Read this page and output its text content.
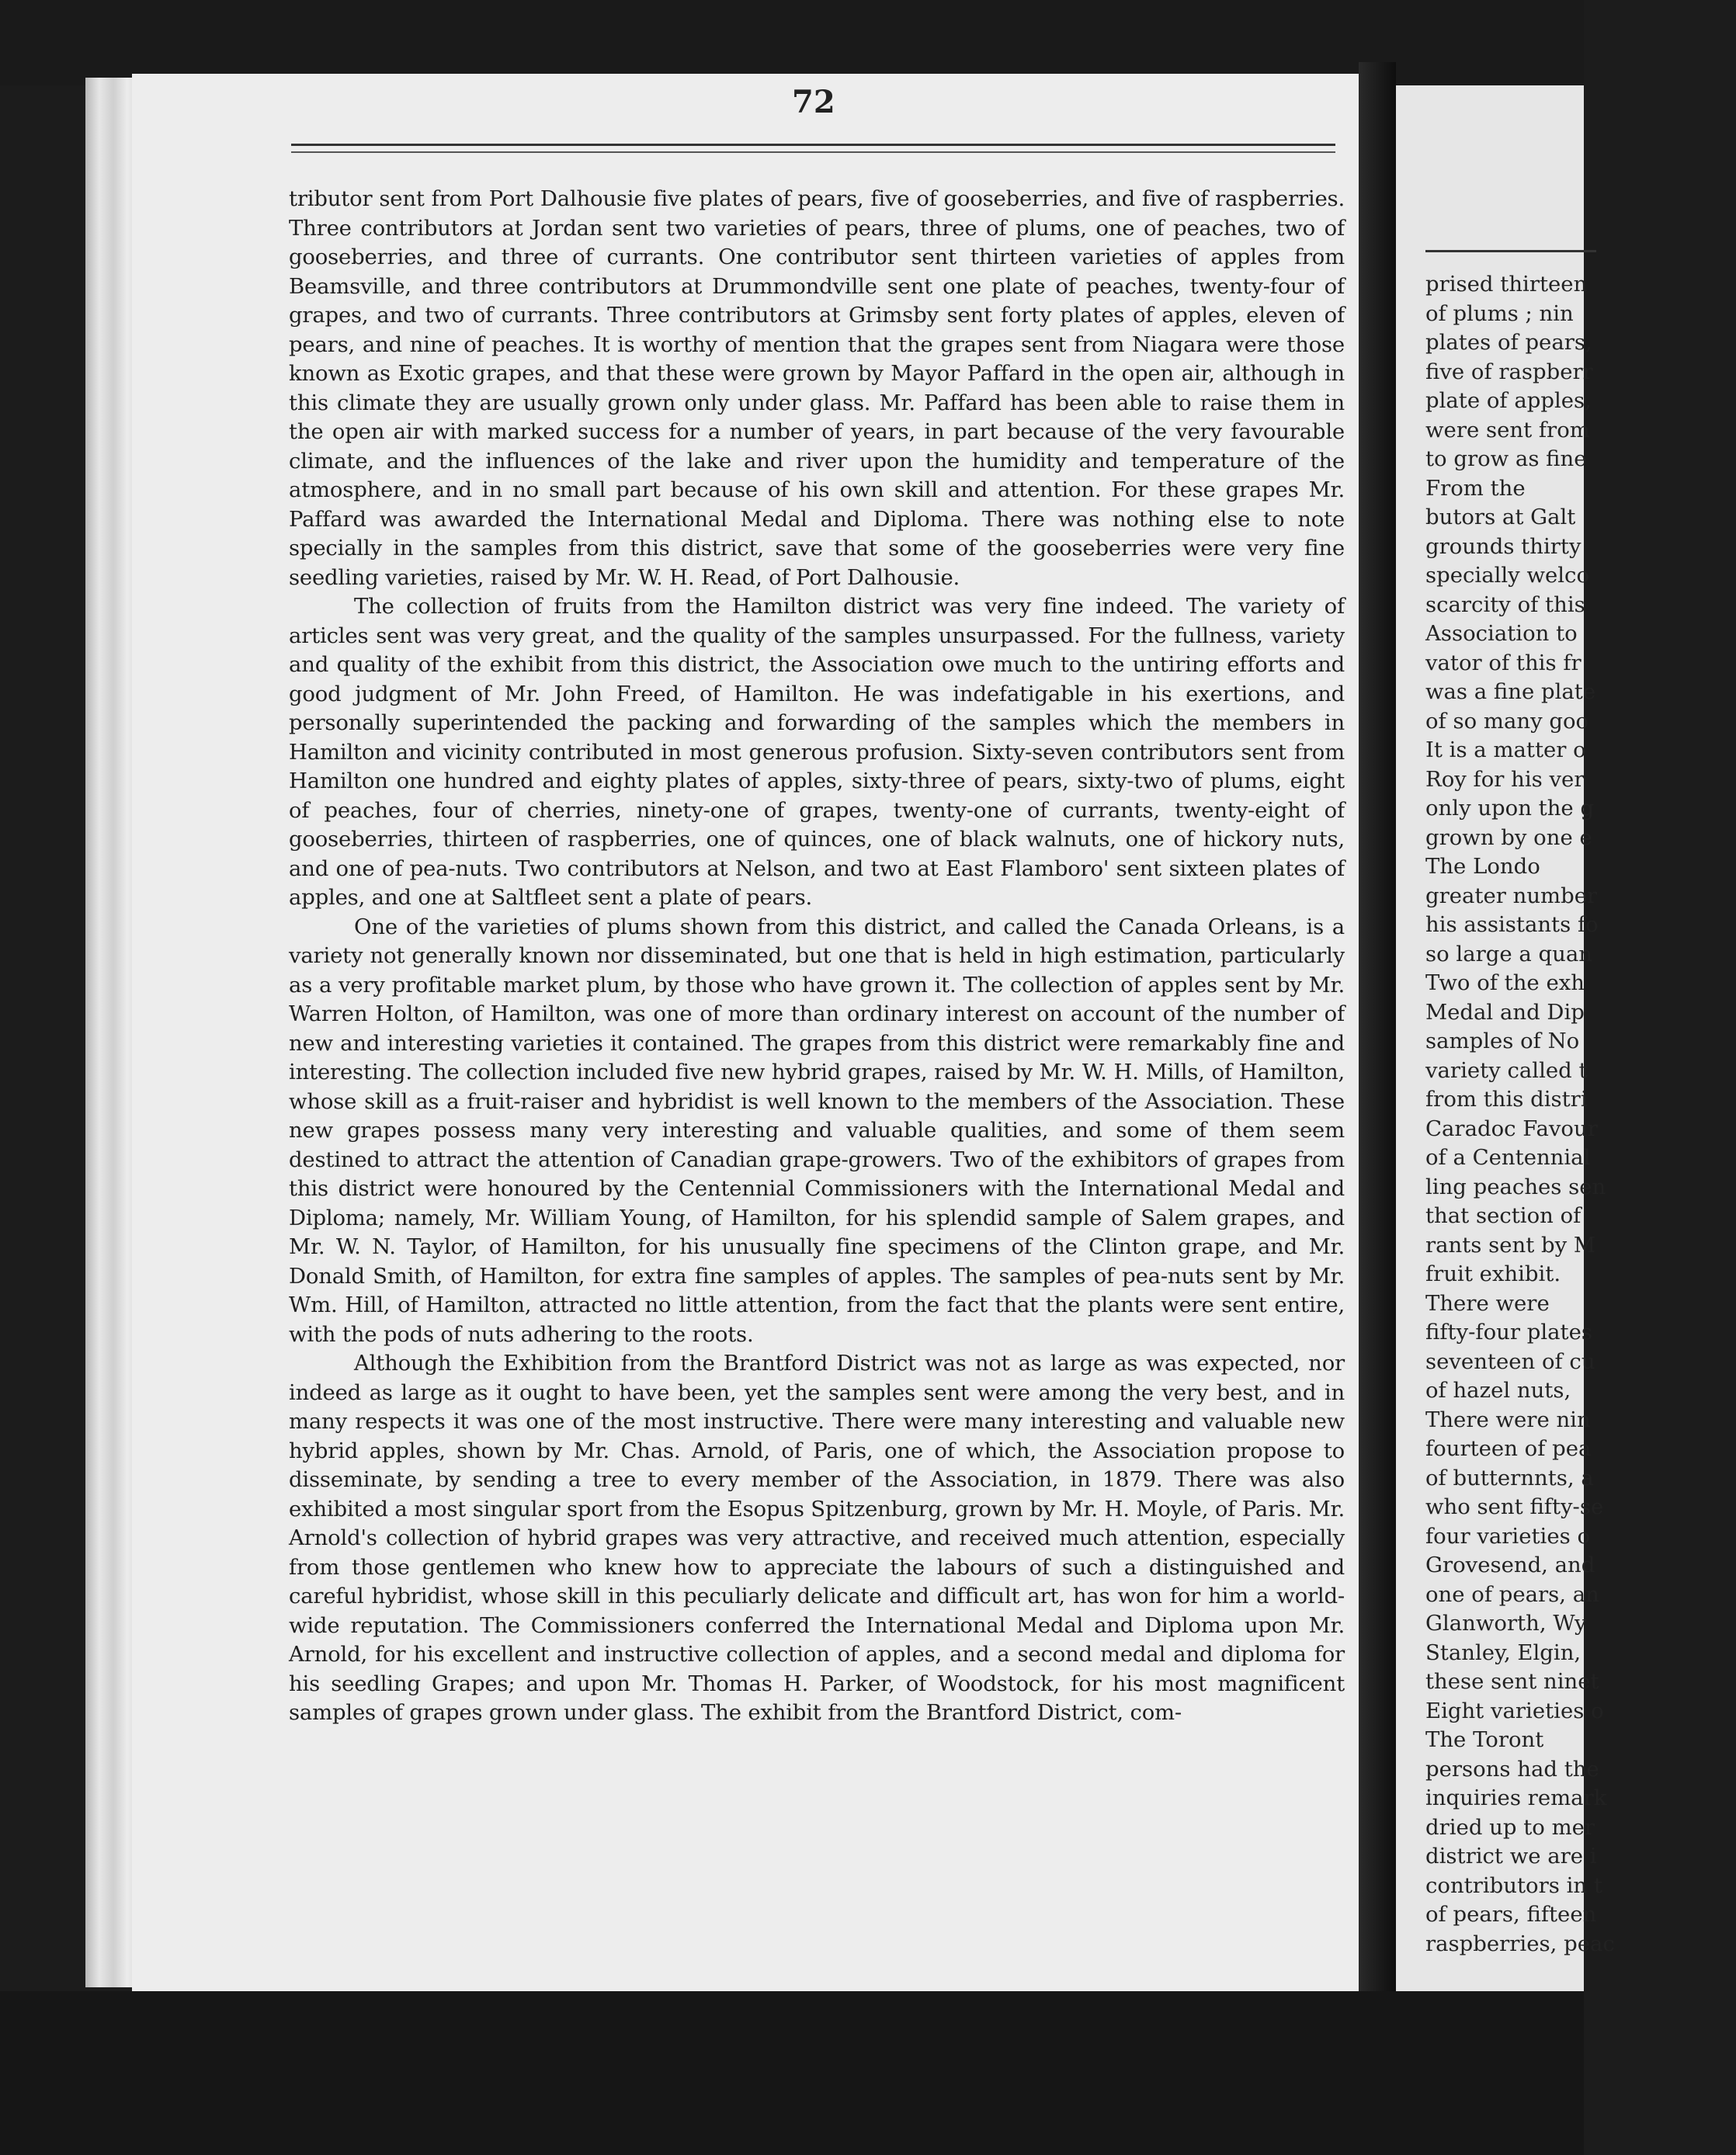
prised thirteen
of plums ; nin
plates of pears,
five of raspberr
plate of apples,
were sent from
to grow as fine
From the
butors at Galt
grounds thirty
specially welco
scarcity of this
Association to
vator of this fr
was a fine plate
of so many goo
It is a matter o
Roy for his ver
only upon the g
grown by one e
The Londo
greater number
his assistants fo
so large a quan
Two of the exh
Medal and Dip
samples of No
variety called t
from this distri
Caradoc Favour
of a Centennial
ling peaches sen
that section of
rants sent by M
fruit exhibit.
There were
fifty-four plates
seventeen of cu
of hazel nuts,
There were nin
fourteen of pea
of butternnts, a
who sent fifty-se
four varieties o
Grovesend, and
one of pears, an
Glanworth, Wy
Stanley, Elgin,
these sent ninet
Eight varieties o
The Toront
persons had the
inquiries remark
dried up to mer
district we are i
contributors in t
of pears, fifteen
raspberries, peac
72

tributor sent from Port Dalhousie five plates of pears, five of gooseberries, and five of raspberries. Three contributors at Jordan sent two varieties of pears, three of plums, one of peaches, two of gooseberries, and three of currants. One contributor sent thirteen varieties of apples from Beamsville, and three contributors at Drummondville sent one plate of peaches, twenty-four of grapes, and two of currants. Three contributors at Grimsby sent forty plates of apples, eleven of pears, and nine of peaches. It is worthy of mention that the grapes sent from Niagara were those known as Exotic grapes, and that these were grown by Mayor Paffard in the open air, although in this climate they are usually grown only under glass. Mr. Paffard has been able to raise them in the open air with marked success for a number of years, in part because of the very favourable climate, and the influences of the lake and river upon the humidity and temperature of the atmosphere, and in no small part because of his own skill and attention. For these grapes Mr. Paffard was awarded the International Medal and Diploma. There was nothing else to note specially in the samples from this district, save that some of the gooseberries were very fine seedling varieties, raised by Mr. W. H. Read, of Port Dalhousie.

The collection of fruits from the Hamilton district was very fine indeed. The variety of articles sent was very great, and the quality of the samples unsurpassed. For the fullness, variety and quality of the exhibit from this district, the Association owe much to the untiring efforts and good judgment of Mr. John Freed, of Hamilton. He was indefatigable in his exertions, and personally superintended the packing and forwarding of the samples which the members in Hamilton and vicinity contributed in most generous profusion. Sixty-seven contributors sent from Hamilton one hundred and eighty plates of apples, sixty-three of pears, sixty-two of plums, eight of peaches, four of cherries, ninety-one of grapes, twenty-one of currants, twenty-eight of gooseberries, thirteen of raspberries, one of quinces, one of black walnuts, one of hickory nuts, and one of pea-nuts. Two contributors at Nelson, and two at East Flamboro' sent sixteen plates of apples, and one at Saltfleet sent a plate of pears.

One of the varieties of plums shown from this district, and called the Canada Orleans, is a variety not generally known nor disseminated, but one that is held in high estimation, particularly as a very profitable market plum, by those who have grown it. The collection of apples sent by Mr. Warren Holton, of Hamilton, was one of more than ordinary interest on account of the number of new and interesting varieties it contained. The grapes from this district were remarkably fine and interesting. The collection included five new hybrid grapes, raised by Mr. W. H. Mills, of Hamilton, whose skill as a fruit-raiser and hybridist is well known to the members of the Association. These new grapes possess many very interesting and valuable qualities, and some of them seem destined to attract the attention of Canadian grape-growers. Two of the exhibitors of grapes from this district were honoured by the Centennial Commissioners with the International Medal and Diploma; namely, Mr. William Young, of Hamilton, for his splendid sample of Salem grapes, and Mr. W. N. Taylor, of Hamilton, for his unusually fine specimens of the Clinton grape, and Mr. Donald Smith, of Hamilton, for extra fine samples of apples. The samples of pea-nuts sent by Mr. Wm. Hill, of Hamilton, attracted no little attention, from the fact that the plants were sent entire, with the pods of nuts adhering to the roots.

Although the Exhibition from the Brantford District was not as large as was expected, nor indeed as large as it ought to have been, yet the samples sent were among the very best, and in many respects it was one of the most instructive. There were many interesting and valuable new hybrid apples, shown by Mr. Chas. Arnold, of Paris, one of which, the Association propose to disseminate, by sending a tree to every member of the Association, in 1879. There was also exhibited a most singular sport from the Esopus Spitzenburg, grown by Mr. H. Moyle, of Paris. Mr. Arnold's collection of hybrid grapes was very attractive, and received much attention, especially from those gentlemen who knew how to appreciate the labours of such a distinguished and careful hybridist, whose skill in this peculiarly delicate and difficult art, has won for him a world-wide reputation. The Commissioners conferred the International Medal and Diploma upon Mr. Arnold, for his excellent and instructive collection of apples, and a second medal and diploma for his seedling Grapes; and upon Mr. Thomas H. Parker, of Woodstock, for his most magnificent samples of grapes grown under glass. The exhibit from the Brantford District, com-
